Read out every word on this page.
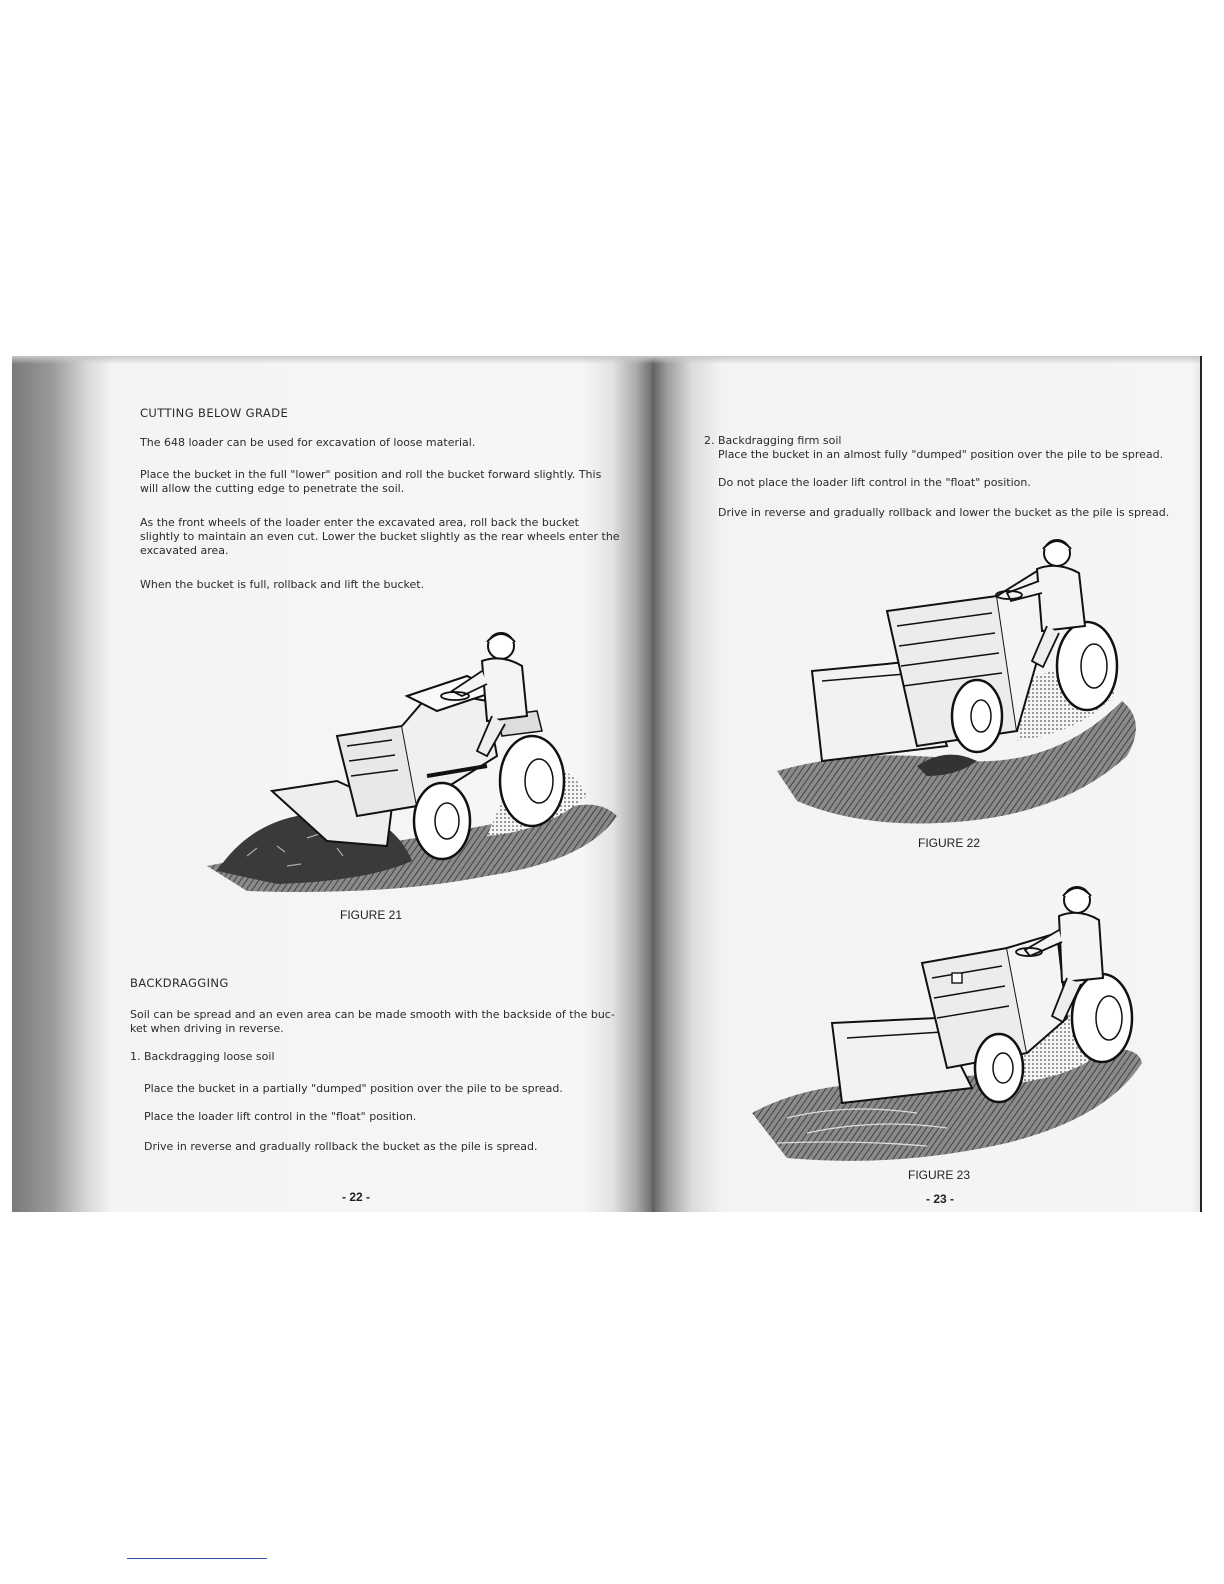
CUTTING BELOW GRADE
The 648 loader can be used for excavation of loose material.
Place the bucket in the full "lower" position and roll the bucket forward slightly. This
will allow the cutting edge to penetrate the soil.
As the front wheels of the loader enter the excavated area, roll back the bucket
slightly to maintain an even cut. Lower the bucket slightly as the rear wheels enter the
excavated area.
When the bucket is full, rollback and lift the bucket.
FIGURE 21
BACKDRAGGING
Soil can be spread and an even area can be made smooth with the backside of the buc-
ket when driving in reverse.
1. Backdragging loose soil
Place the bucket in a partially "dumped" position over the pile to be spread.
Place the loader lift control in the "float" position.
Drive in reverse and gradually rollback the bucket as the pile is spread.
- 22 -
2. Backdragging firm soil
Place the bucket in an almost fully "dumped" position over the pile to be spread.
Do not place the loader lift control in the "float" position.
Drive in reverse and gradually rollback and lower the bucket as the pile is spread.
FIGURE 22
FIGURE 23
- 23 -
